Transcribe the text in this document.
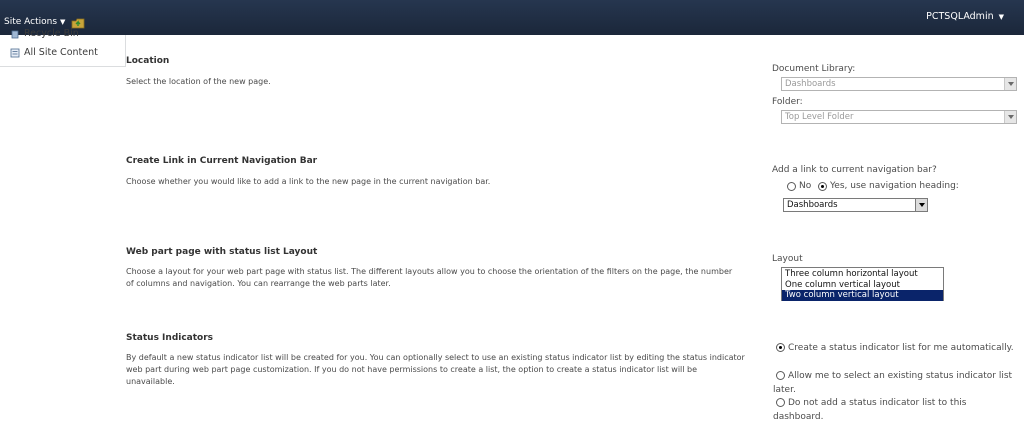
Site Actions ▼	PCTSQLAdmin ▼
Recycle Bin
All Site Content
Location
Select the location of the new page.
Document Library:
Dashboards
Folder:
Top Level Folder
Create Link in Current Navigation Bar
Choose whether you would like to add a link to the new page in the current navigation bar.
Add a link to current navigation bar?
No Yes, use navigation heading:
Dashboards
Web part page with status list Layout
Choose a layout for your web part page with status list. The different layouts allow you to choose the orientation of the filters on the page, the number of columns and navigation. You can rearrange the web parts later.
Layout
Three column horizontal layout
One column vertical layout
Two column vertical layout
Status Indicators
By default a new status indicator list will be created for you. You can optionally select to use an existing status indicator list by editing the status indicator web part during web part page customization. If you do not have permissions to create a list, the option to create a status indicator list will be unavailable.
Create a status indicator list for me automatically.
Allow me to select an existing status indicator list later.
Do not add a status indicator list to this dashboard.
